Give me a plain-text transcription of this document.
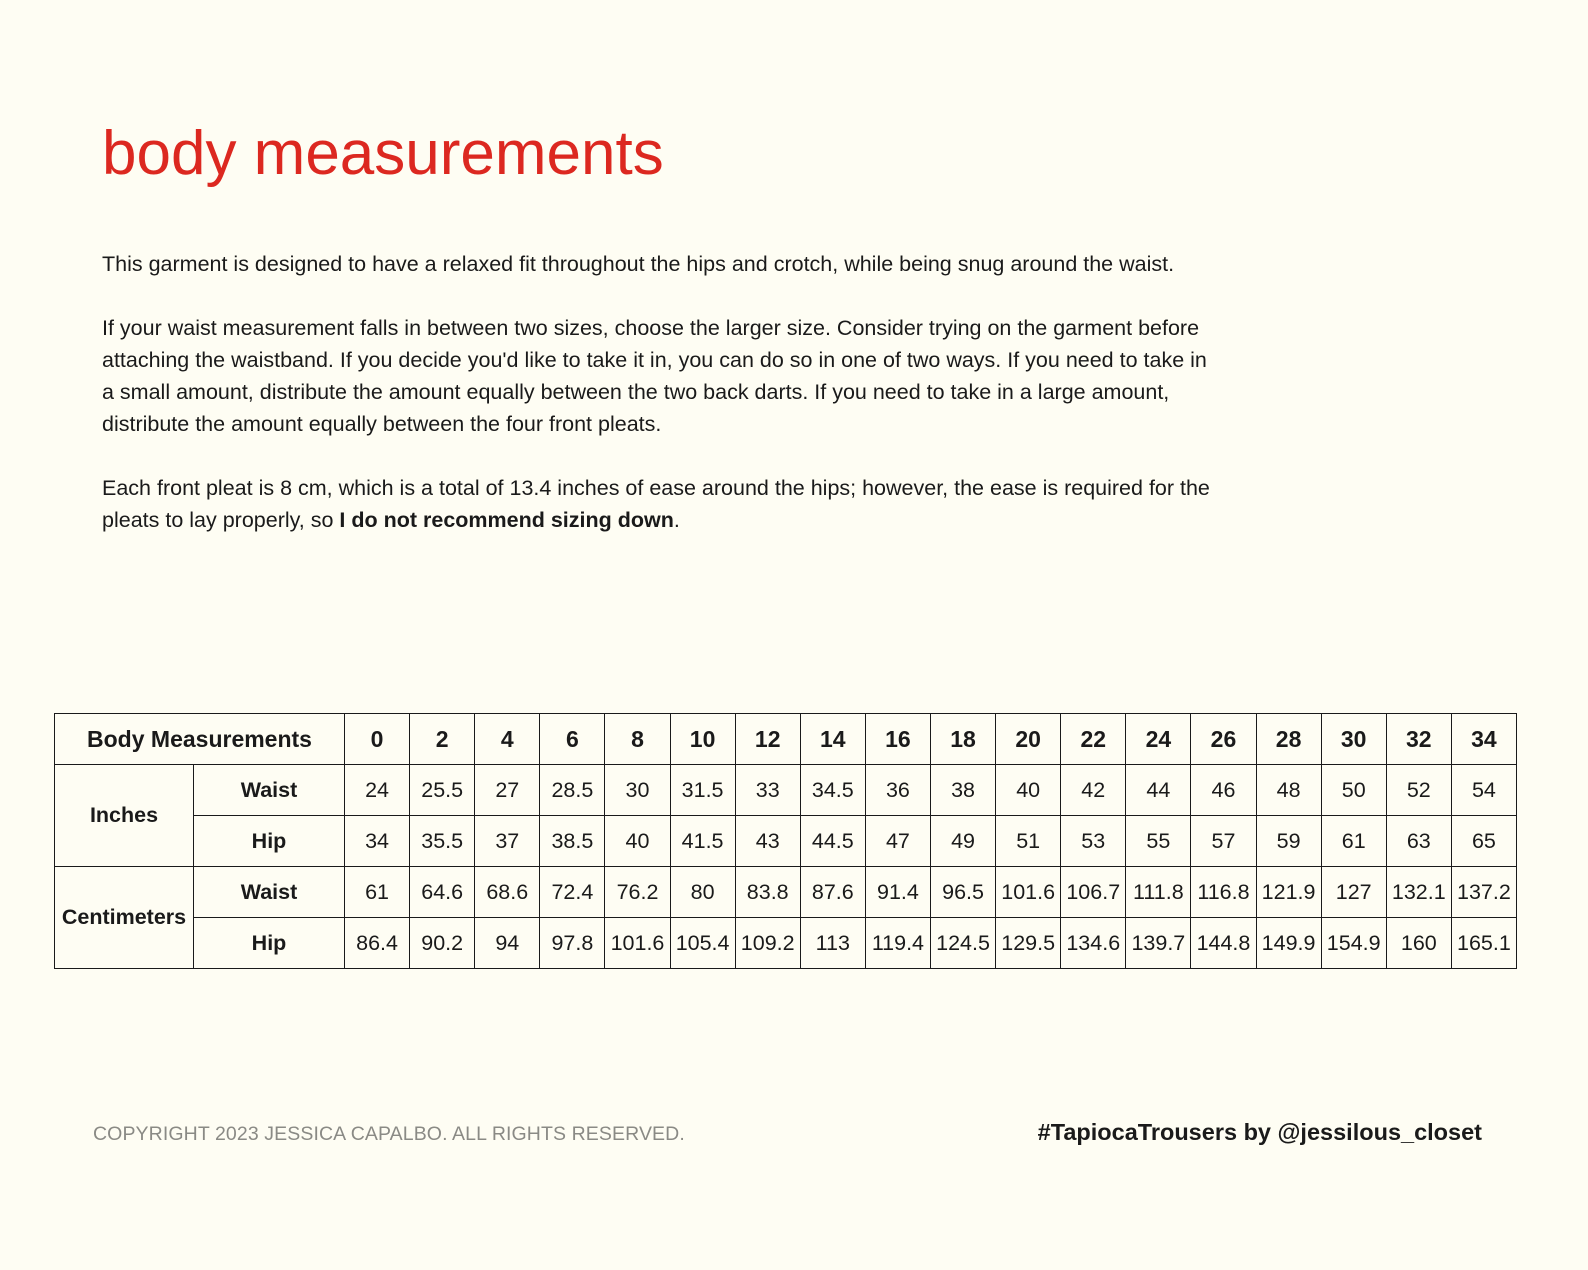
body measurements

This garment is designed to have a relaxed fit throughout the hips and crotch, while being snug around the waist.

If your waist measurement falls in between two sizes, choose the larger size. Consider trying on the garment before attaching the waistband. If you decide you'd like to take it in, you can do so in one of two ways. If you need to take in a small amount, distribute the amount equally between the two back darts. If you need to take in a large amount, distribute the amount equally between the four front pleats.

Each front pleat is 8 cm, which is a total of 13.4 inches of ease around the hips; however, the ease is required for the pleats to lay properly, so I do not recommend sizing down.

Body Measurements		0	2	4	6	8	10	12	14	16	18	20	22	24	26	28	30	32	34
Inches	Waist	24	25.5	27	28.5	30	31.5	33	34.5	36	38	40	42	44	46	48	50	52	54
	Hip	34	35.5	37	38.5	40	41.5	43	44.5	47	49	51	53	55	57	59	61	63	65
Centimeters	Waist	61	64.6	68.6	72.4	76.2	80	83.8	87.6	91.4	96.5	101.6	106.7	111.8	116.8	121.9	127	132.1	137.2
	Hip	86.4	90.2	94	97.8	101.6	105.4	109.2	113	119.4	124.5	129.5	134.6	139.7	144.8	149.9	154.9	160	165.1
COPYRIGHT 2023 JESSICA CAPALBO. ALL RIGHTS RESERVED.	#TapiocaTrousers by @jessilous_closet
